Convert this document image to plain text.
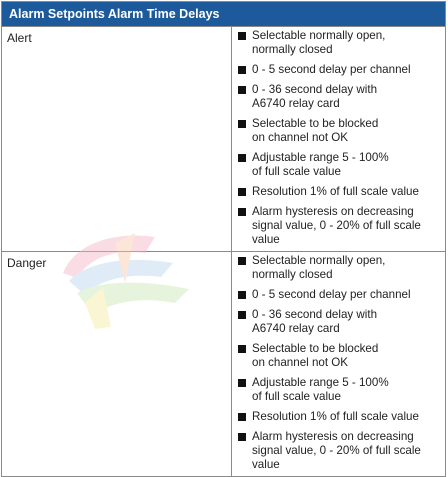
Alarm Setpoints Alarm Time Delays
Alert	Selectable normally open,
normally closed
0 - 5 second delay per channel
0 - 36 second delay with
A6740 relay card
Selectable to be blocked
on channel not OK
Adjustable range 5 - 100%
of full scale value
Resolution 1% of full scale value
Alarm hysteresis on decreasing
signal value, 0 - 20% of full scale value
Danger	Selectable normally open,
normally closed
0 - 5 second delay per channel
0 - 36 second delay with
A6740 relay card
Selectable to be blocked
on channel not OK
Adjustable range 5 - 100%
of full scale value
Resolution 1% of full scale value
Alarm hysteresis on decreasing
signal value, 0 - 20% of full scale value
